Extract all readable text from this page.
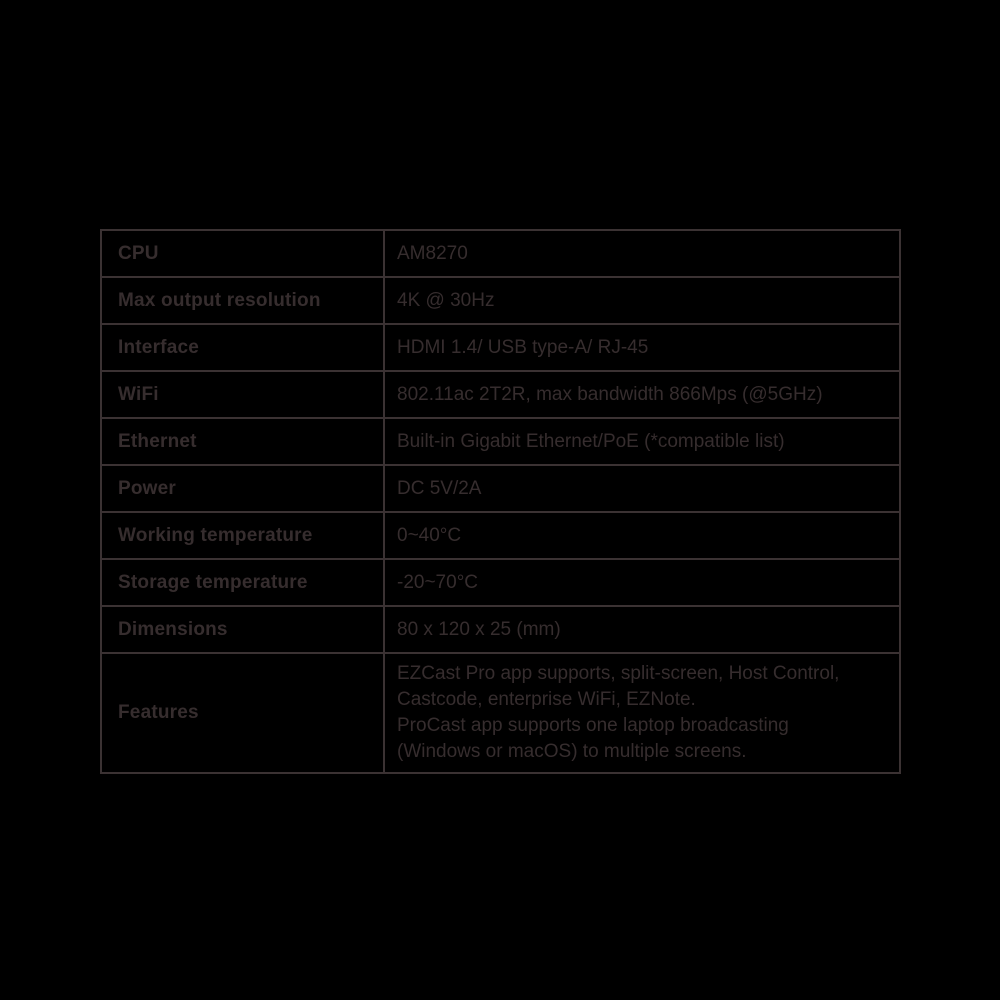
CPU	AM8270
Max output resolution	4K @ 30Hz
Interface	HDMI 1.4/ USB type-A/ RJ-45
WiFi	802.11ac 2T2R, max bandwidth 866Mps (@5GHz)
Ethernet	Built-in Gigabit Ethernet/PoE (*compatible list)
Power	DC 5V/2A
Working temperature	0~40°C
Storage temperature	-20~70°C
Dimensions	80 x 120 x 25 (mm)
Features	EZCast Pro app supports, split-screen, Host Control,
Castcode, enterprise WiFi, EZNote.
ProCast app supports one laptop broadcasting
(Windows or macOS) to multiple screens.
